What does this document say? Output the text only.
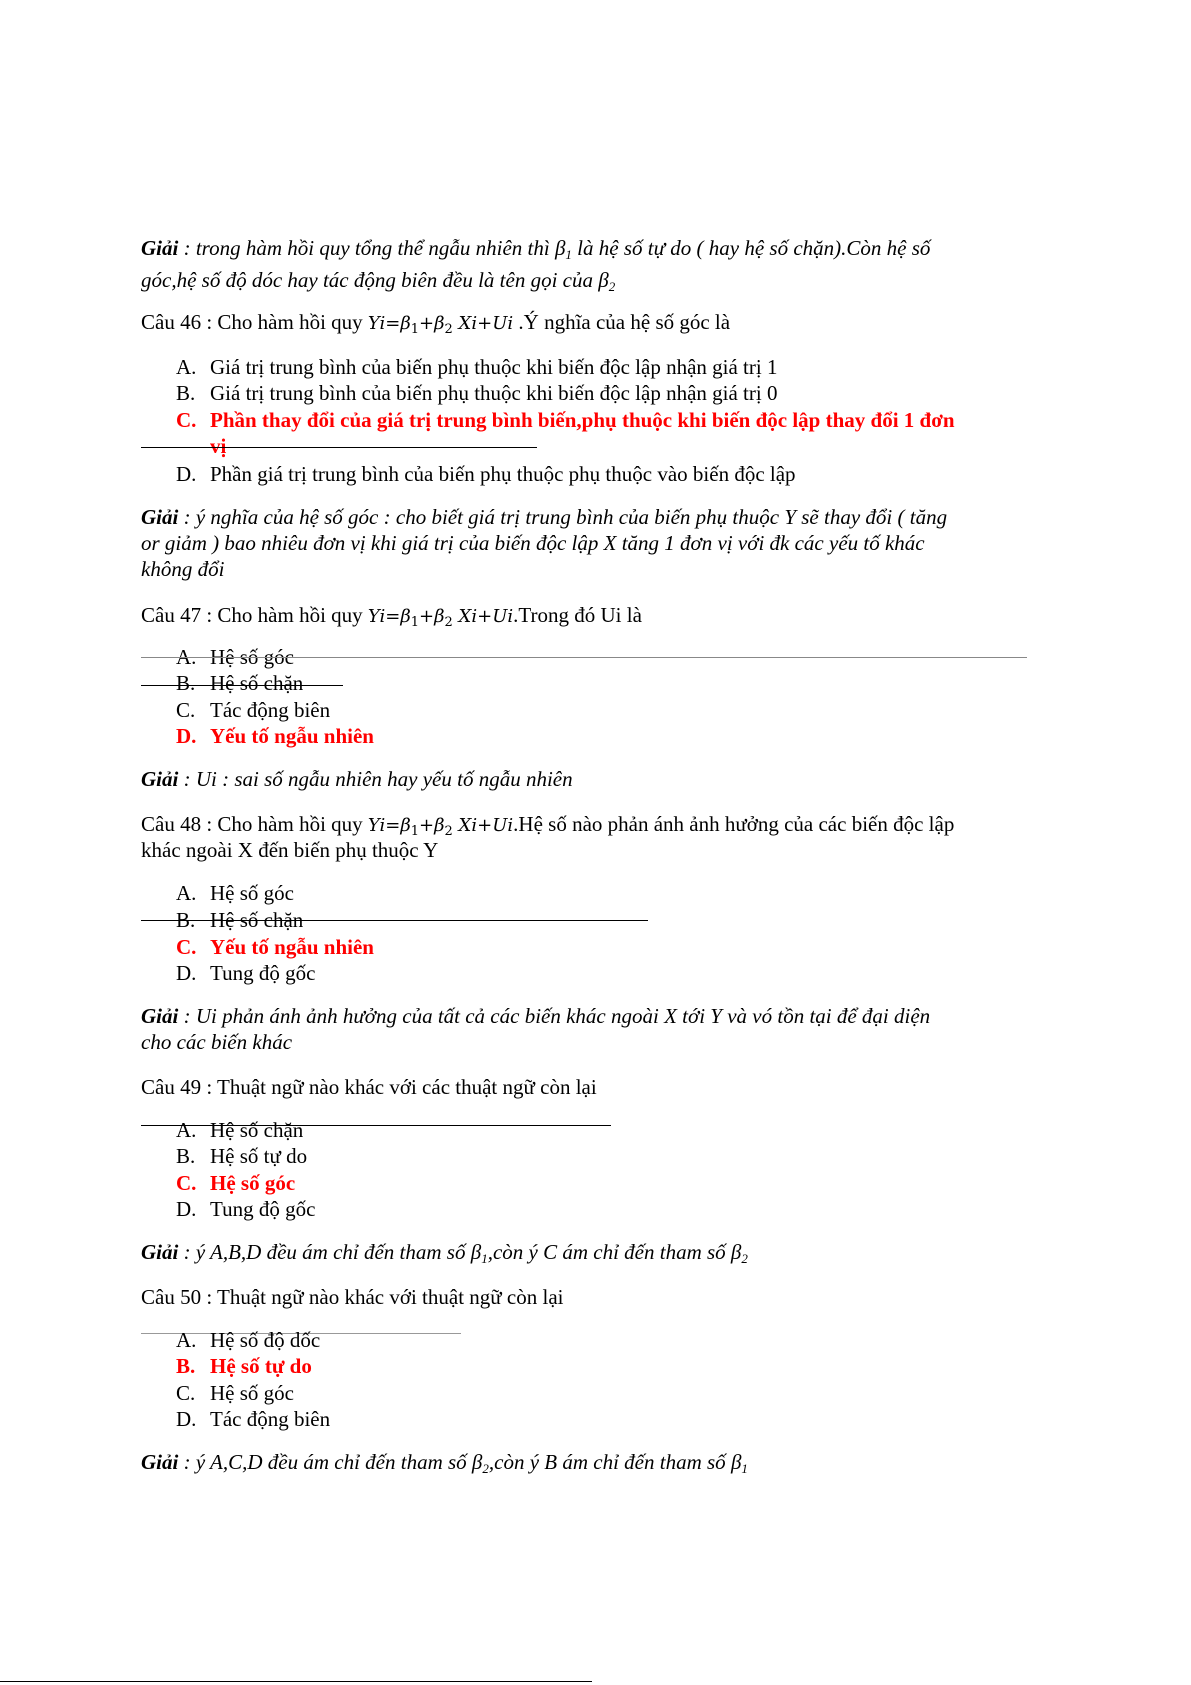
Giải : trong hàm hồi quy tổng thể ngẫu nhiên thì $\beta_1$ là hệ số tự do ( hay hệ số chặn).Còn hệ số

góc,hệ số độ dóc hay tác động biên đều là tên gọi của $\beta_2$

Câu 46 : Cho hàm hồi quy $Yi=\beta_1+\beta_2$ Xi+Ui .Ý nghĩa của hệ số góc là

A. Giá trị trung bình của biến phụ thuộc khi biến độc lập nhận giá trị 1

B. Giá trị trung bình của biến phụ thuộc khi biến độc lập nhận giá trị 0

C. Phần thay đổi của giá trị trung bình biến,phụ thuộc khi biến độc lập thay đổi 1 đơn

vị

D. Phần giá trị trung bình của biến phụ thuộc phụ thuộc vào biến độc lập

Giải : ý nghĩa của hệ số góc : cho biết giá trị trung bình của biến phụ thuộc Y sẽ thay đổi ( tăng

or giảm ) bao nhiêu đơn vị khi giá trị của biến độc lập X tăng 1 đơn vị với đk các yếu tố khác

không đổi

Câu 47 : Cho hàm hồi quy $Yi=\beta_1+\beta_2$ Xi+Ui.Trong đó Ui là

A. Hệ số góc

B. Hệ số chặn

C. Tác động biên

D. Yếu tố ngẫu nhiên

Giải : Ui : sai số ngẫu nhiên hay yếu tố ngẫu nhiên

Câu 48 : Cho hàm hồi quy $Yi=\beta_1+\beta_2$ Xi+Ui.Hệ số nào phản ánh ảnh hưởng của các biến độc lập

khác ngoài X đến biến phụ thuộc Y

A. Hệ số góc

B. Hệ số chặn

C. Yếu tố ngẫu nhiên

D. Tung độ gốc

Giải : Ui phản ánh ảnh hưởng của tất cả các biến khác ngoài X tới Y và vó tồn tại để đại diện

cho các biến khác

Câu 49 : Thuật ngữ nào khác với các thuật ngữ còn lại

A. Hệ số chặn

B. Hệ số tự do

C. Hệ số góc

D. Tung độ gốc

Giải : ý A,B,D đều ám chỉ đến tham số $\beta_1,còn$ ý C ám chỉ đến tham số $\beta_2$

Câu 50 : Thuật ngữ nào khác với thuật ngữ còn lại

A. Hệ số độ dốc

B. Hệ số tự do

C. Hệ số góc

D. Tác động biên

Giải : ý A,C,D đều ám chỉ đến tham số $\beta_2,còn$ ý B ám chỉ đến tham số $\beta_1$
